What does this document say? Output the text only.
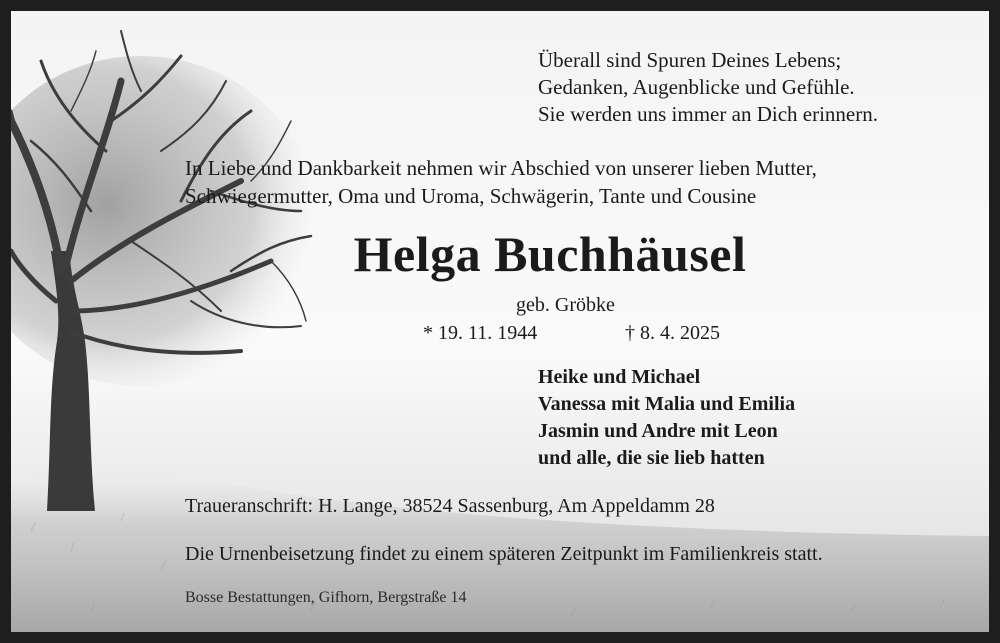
Überall sind Spuren Deines Lebens;
Gedanken, Augenblicke und Gefühle.
Sie werden uns immer an Dich erinnern.
In Liebe und Dankbarkeit nehmen wir Abschied von unserer lieben Mutter,
Schwiegermutter, Oma und Uroma, Schwägerin, Tante und Cousine
Helga Buchhäusel
geb. Gröbke
* 19. 11. 1944	† 8. 4. 2025
Heike und Michael
Vanessa mit Malia und Emilia
Jasmin und Andre mit Leon
und alle, die sie lieb hatten
Traueranschrift: H. Lange, 38524 Sassenburg, Am Appeldamm 28
Die Urnenbeisetzung findet zu einem späteren Zeitpunkt im Familienkreis statt.
Bosse Bestattungen, Gifhorn, Bergstraße 14
